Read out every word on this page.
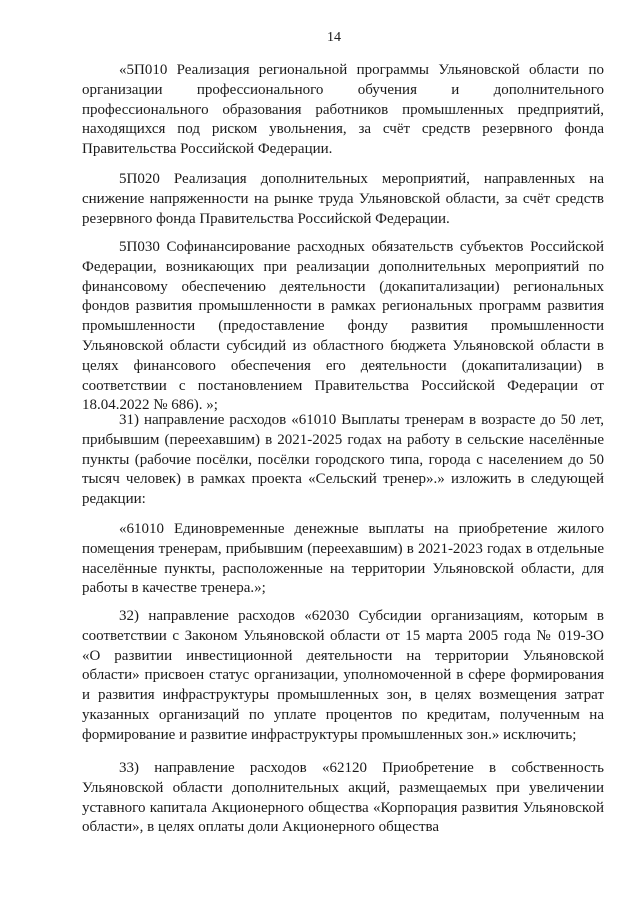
14

«5П010 Реализация региональной программы Ульяновской области по организации профессионального обучения и дополнительного профессионального образования работников промышленных предприятий, находящихся под риском увольнения, за счёт средств резервного фонда Правительства Российской Федерации.

5П020 Реализация дополнительных мероприятий, направленных на снижение напряженности на рынке труда Ульяновской области, за счёт средств резервного фонда Правительства Российской Федерации.

5П030 Софинансирование расходных обязательств субъектов Российской Федерации, возникающих при реализации дополнительных мероприятий по финансовому обеспечению деятельности (докапитализации) региональных фондов развития промышленности в рамках региональных программ развития промышленности (предоставление фонду развития промышленности Ульяновской области субсидий из областного бюджета Ульяновской области в целях финансового обеспечения его деятельности (докапитализации) в соответствии с постановлением Правительства Российской Федерации от 18.04.2022 № 686). »;

31) направление расходов «61010 Выплаты тренерам в возрасте до 50 лет, прибывшим (переехавшим) в 2021-2025 годах на работу в сельские населённые пункты (рабочие посёлки, посёлки городского типа, города с населением до 50 тысяч человек) в рамках проекта «Сельский тренер».» изложить в следующей редакции:

«61010 Единовременные денежные выплаты на приобретение жилого помещения тренерам, прибывшим (переехавшим) в 2021-2023 годах в отдельные населённые пункты, расположенные на территории Ульяновской области, для работы в качестве тренера.»;

32) направление расходов «62030 Субсидии организациям, которым в соответствии с Законом Ульяновской области от 15 марта 2005 года № 019-ЗО «О развитии инвестиционной деятельности на территории Ульяновской области» присвоен статус организации, уполномоченной в сфере формирования и развития инфраструктуры промышленных зон, в целях возмещения затрат указанных организаций по уплате процентов по кредитам, полученным на формирование и развитие инфраструктуры промышленных зон.» исключить;

33) направление расходов «62120 Приобретение в собственность Ульяновской области дополнительных акций, размещаемых при увеличении уставного капитала Акционерного общества «Корпорация развития Ульяновской области», в целях оплаты доли Акционерного общества
